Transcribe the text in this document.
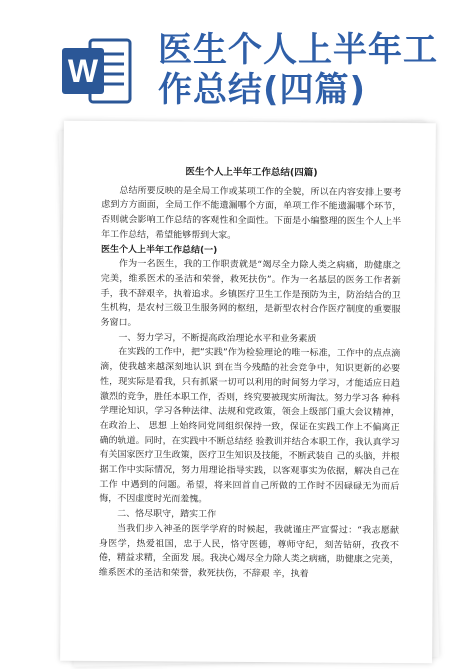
W
医生个人上半年工
作总结(四篇)
医生个人上半年工作总结(四篇)

总结所要反映的是全局工作或某项工作的全貌，所以在内容安排上要考虑到方方面面，全局工作不能遗漏哪个方面，单项工作不能遗漏哪个环节，否则就会影响工作总结的客观性和全面性。下面是小编整理的医生个人上半年工作总结，希望能够帮到大家。

医生个人上半年工作总结(一)

作为一名医生，我的工作职责就是“竭尽全力除人类之病痛，助健康之完美，维系医术的圣洁和荣誉，救死扶伤”。作为一名基层的医务工作者新手，我不辞艰辛，执着追求。乡镇医疗卫生工作是预防为主，防治结合的卫生机构，是农村三级卫生服务网的枢纽，是新型农村合作医疗制度的重要服务窗口。

一、努力学习，不断提高政治理论水平和业务素质

在实践的工作中，把“实践”作为检验理论的唯一标准，工作中的点点滴滴，使我越来越深刻地认识 到在当今残酷的社会竞争中，知识更新的必要性，现实际是看我，只有抓紧一切可以利用的时间努力学习，才能适应日趋激烈的竞争，胜任本职工作，否则，终究要被现实所淘汰。努力学习各 种科学理论知识，学习各种法律、法规和党政策，领会上级部门重大会议精神，在政治上、 思想 上始终同党同组织保持一致，保证在实践工作上不偏离正确的轨道。同时，在实践中不断总结经 验教训并结合本职工作，我认真学习有关国家医疗卫生政策，医疗卫生知识及技能，不断武装自 己的头脑，并根据工作中实际情况，努力用理论指导实践，以客观事实为依据，解决自己在工作 中遇到的问题。希望，将来回首自己所做的工作时不因碌碌无为而后悔，不因虚度时光而羞愧。

二、恪尽职守，踏实工作

当我们步入神圣的医学学府的时候起，我就谨庄严宣誓过：“我志愿献身医学，热爱祖国，忠于人民，恪守医德，尊师守纪，刻苦钻研，孜孜不倦，精益求精，全面发 展。我决心竭尽全力除人类之病痛，助健康之完美，维系医术的圣洁和荣誉，救死扶伤，不辞艰 辛，执着
